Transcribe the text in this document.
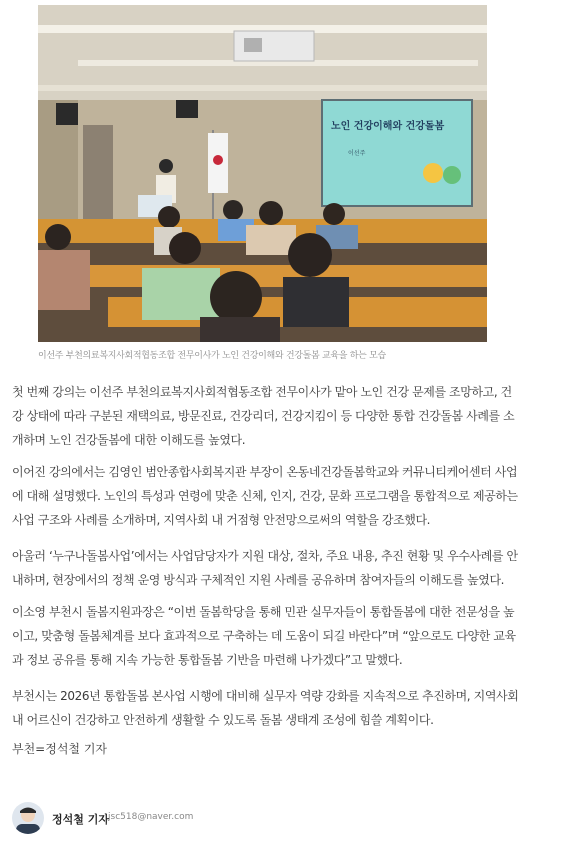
노인 건강이해와 건강돌봄
이선주
이선주 부천의료복지사회적협동조합 전무이사가 노인 건강이해와 건강돌봄 교육을 하는 모습

첫 번째 강의는 이선주 부천의료복지사회적협동조합 전무이사가 맡아 노인 건강 문제를 조망하고, 건강 상태에 따라 구분된 재택의료, 방문진료, 건강리더, 건강지킴이 등 다양한 통합 건강돌봄 사례를 소개하며 노인 건강돌봄에 대한 이해도를 높였다.

이어진 강의에서는 김영인 범안종합사회복지관 부장이 온동네건강돌봄학교와 커뮤니티케어센터 사업에 대해 설명했다. 노인의 특성과 연령에 맞춘 신체, 인지, 건강, 문화 프로그램을 통합적으로 제공하는 사업 구조와 사례를 소개하며, 지역사회 내 거점형 안전망으로써의 역할을 강조했다.

아울러 ‘누구나돌봄사업’에서는 사업담당자가 지원 대상, 절차, 주요 내용, 추진 현황 및 우수사례를 안내하며, 현장에서의 정책 운영 방식과 구체적인 지원 사례를 공유하며 참여자들의 이해도를 높였다.

이소영 부천시 돌봄지원과장은 “이번 돌봄학당을 통해 민관 실무자들이 통합돌봄에 대한 전문성을 높이고, 맞춤형 돌봄체계를 보다 효과적으로 구축하는 데 도움이 되길 바란다”며 “앞으로도 다양한 교육과 정보 공유를 통해 지속 가능한 통합돌봄 기반을 마련해 나가겠다”고 말했다.

부천시는 2026년 통합돌봄 본사업 시행에 대비해 실무자 역량 강화를 지속적으로 추진하며, 지역사회 내 어르신이 건강하고 안전하게 생활할 수 있도록 돌봄 생태계 조성에 힘쓸 계획이다.

부천=정석철 기자
정석철 기자 jsc518@naver.com
